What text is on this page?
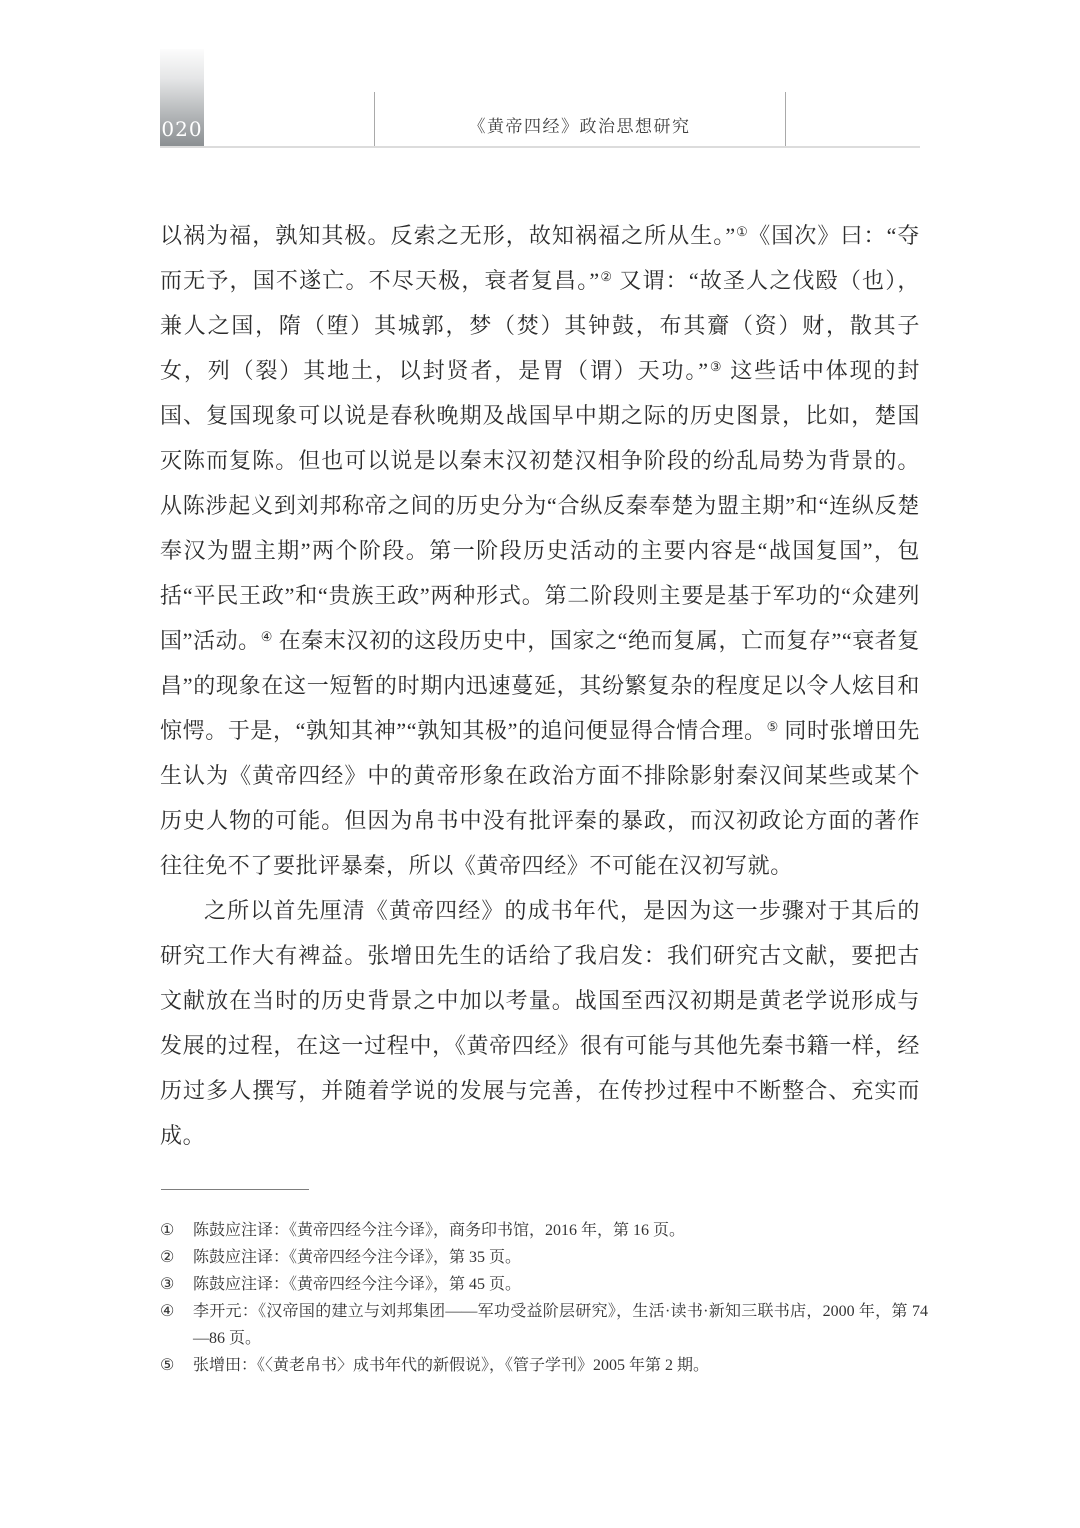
020	《黄帝四经》政治思想研究

以祸为福，孰知其极。反索之无形，故知祸福之所从生。”①《国次》曰：“夺而无予，国不遂亡。不尽天极，衰者复昌。”② 又谓：“故圣人之伐殹（也），兼人之国，隋（堕）其城郭，梦（焚）其钟鼓，布其齎（资）财，散其子女，列（裂）其地土，以封贤者，是胃（谓）天功。”③ 这些话中体现的封国、复国现象可以说是春秋晚期及战国早中期之际的历史图景，比如，楚国灭陈而复陈。但也可以说是以秦末汉初楚汉相争阶段的纷乱局势为背景的。从陈涉起义到刘邦称帝之间的历史分为“合纵反秦奉楚为盟主期”和“连纵反楚奉汉为盟主期”两个阶段。第一阶段历史活动的主要内容是“战国复国”，包括“平民王政”和“贵族王政”两种形式。第二阶段则主要是基于军功的“众建列国”活动。④ 在秦末汉初的这段历史中，国家之“绝而复属，亡而复存”“衰者复昌”的现象在这一短暂的时期内迅速蔓延，其纷繁复杂的程度足以令人炫目和惊愕。于是，“孰知其神”“孰知其极”的追问便显得合情合理。⑤ 同时张增田先生认为《黄帝四经》中的黄帝形象在政治方面不排除影射秦汉间某些或某个历史人物的可能。但因为帛书中没有批评秦的暴政，而汉初政论方面的著作往往免不了要批评暴秦，所以《黄帝四经》不可能在汉初写就。

之所以首先厘清《黄帝四经》的成书年代，是因为这一步骤对于其后的研究工作大有裨益。张增田先生的话给了我启发：我们研究古文献，要把古文献放在当时的历史背景之中加以考量。战国至西汉初期是黄老学说形成与发展的过程，在这一过程中，《黄帝四经》很有可能与其他先秦书籍一样，经历过多人撰写，并随着学说的发展与完善，在传抄过程中不断整合、充实而成。

①	陈鼓应注译：《黄帝四经今注今译》，商务印书馆，2016 年，第 16 页。
②	陈鼓应注译：《黄帝四经今注今译》，第 35 页。
③	陈鼓应注译：《黄帝四经今注今译》，第 45 页。
④	李开元：《汉帝国的建立与刘邦集团——军功受益阶层研究》，生活·读书·新知三联书店，2000 年，第 74—86 页。
⑤	张增田：《〈黄老帛书〉成书年代的新假说》，《管子学刊》2005 年第 2 期。
